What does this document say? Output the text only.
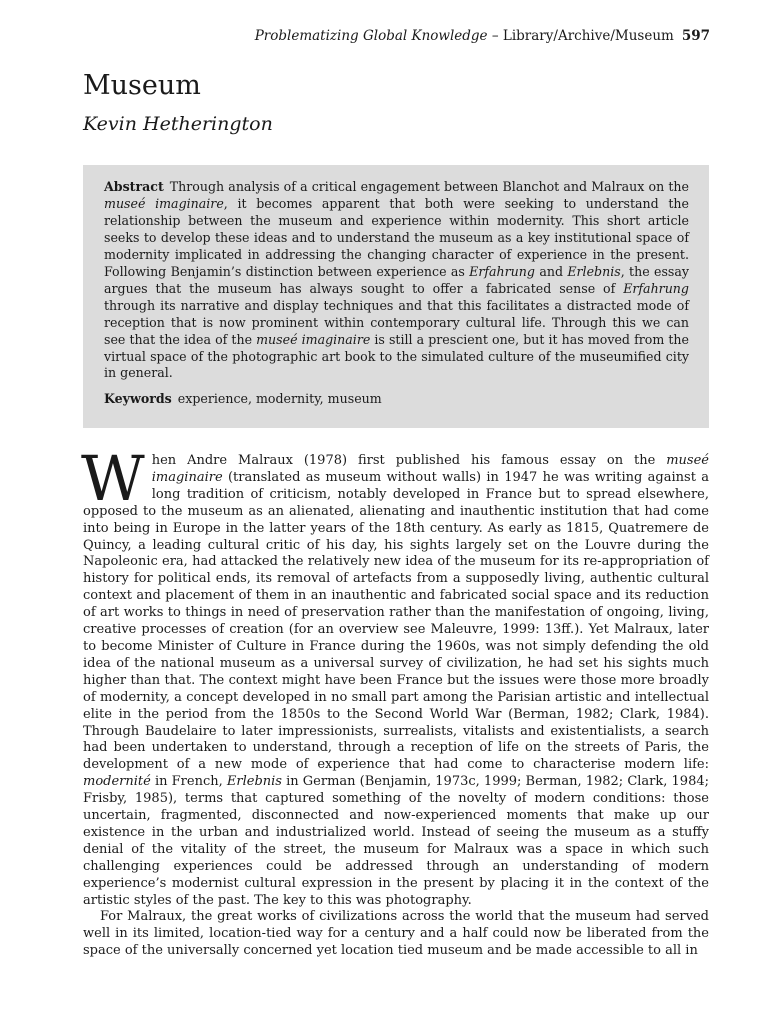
Problematizing Global Knowledge – Library/Archive/Museum 597
Museum
Kevin Hetherington

Abstract Through analysis of a critical engagement between Blanchot and Malraux on the museé imaginaire, it becomes apparent that both were seeking to understand the relationship between the museum and experience within modernity. This short article seeks to develop these ideas and to understand the museum as a key institutional space of modernity implicated in addressing the changing character of experience in the present. Following Benjamin’s distinction between experience as Erfahrung and Erlebnis, the essay argues that the museum has always sought to offer a fabricated sense of Erfahrung through its narrative and display techniques and that this facilitates a distracted mode of reception that is now prominent within contemporary cultural life. Through this we can see that the idea of the museé imaginaire is still a prescient one, but it has moved from the virtual space of the photographic art book to the simulated culture of the museumified city in general.

Keywords experience, modernity, museum

When Andre Malraux (1978) first published his famous essay on the museé imaginaire (translated as museum without walls) in 1947 he was writing against a long tradition of criticism, notably developed in France but to spread elsewhere, opposed to the museum as an alienated, alienating and inauthentic institution that had come into being in Europe in the latter years of the 18th century. As early as 1815, Quatremere de Quincy, a leading cultural critic of his day, his sights largely set on the Louvre during the Napoleonic era, had attacked the relatively new idea of the museum for its re-appropriation of history for political ends, its removal of artefacts from a supposedly living, authentic cultural context and placement of them in an inauthentic and fabricated social space and its reduction of art works to things in need of preservation rather than the manifestation of ongoing, living, creative processes of creation (for an overview see Maleuvre, 1999: 13ff.). Yet Malraux, later to become Minister of Culture in France during the 1960s, was not simply defending the old idea of the national museum as a universal survey of civilization, he had set his sights much higher than that. The context might have been France but the issues were those more broadly of modernity, a concept developed in no small part among the Parisian artistic and intellectual elite in the period from the 1850s to the Second World War (Berman, 1982; Clark, 1984). Through Baudelaire to later impressionists, surrealists, vitalists and existentialists, a search had been undertaken to understand, through a reception of life on the streets of Paris, the development of a new mode of experience that had come to characterise modern life: modernité in French, Erlebnis in German (Benjamin, 1973c, 1999; Berman, 1982; Clark, 1984; Frisby, 1985), terms that captured something of the novelty of modern conditions: those uncertain, fragmented, disconnected and now-experienced moments that make up our existence in the urban and industrialized world. Instead of seeing the museum as a stuffy denial of the vitality of the street, the museum for Malraux was a space in which such challenging experiences could be addressed through an understanding of modern experience’s modernist cultural expression in the present by placing it in the context of the artistic styles of the past. The key to this was photography.

For Malraux, the great works of civilizations across the world that the museum had served well in its limited, location-tied way for a century and a half could now be liberated from the space of the universally concerned yet location tied museum and be made accessible to all in
